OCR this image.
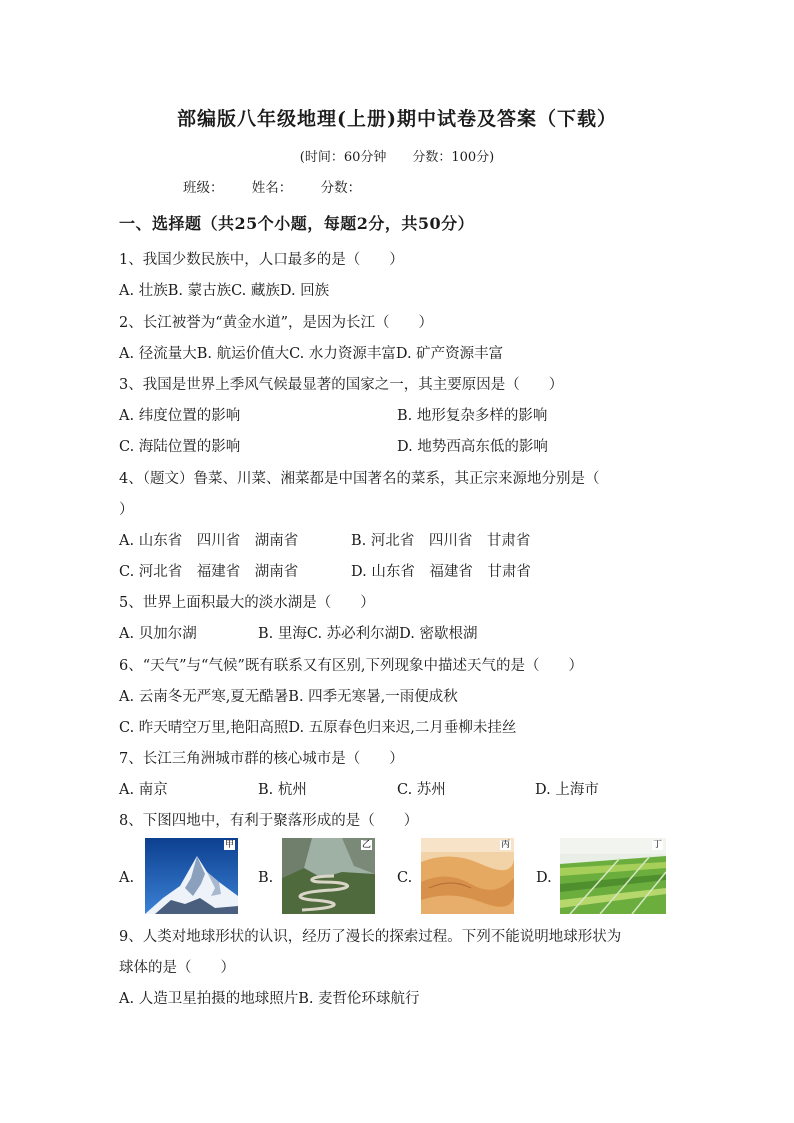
部编版八年级地理(上册)期中试卷及答案（下载）
(时间：60分钟　　分数：100分)
班级： 姓名： 分数：
一、选择题（共25个小题，每题2分，共50分）
1、我国少数民族中，人口最多的是（　　）
A. 壮族B. 蒙古族C. 藏族D. 回族
2、长江被誉为“黄金水道”，是因为长江（　　）
A. 径流量大B. 航运价值大C. 水力资源丰富D. 矿产资源丰富
3、我国是世界上季风气候最显著的国家之一，其主要原因是（　　）
A. 纬度位置的影响	B. 地形复杂多样的影响
C. 海陆位置的影响	D. 地势西高东低的影响
4、（题文）鲁菜、川菜、湘菜都是中国著名的菜系，其正宗来源地分别是（
）
A. 山东省　四川省　湖南省	B. 河北省　四川省　甘肃省
C. 河北省　福建省　湖南省	D. 山东省　福建省　甘肃省
5、世界上面积最大的淡水湖是（　　）
A. 贝加尔湖	B. 里海C. 苏必利尔湖D. 密歇根湖
6、“天气”与“气候”既有联系又有区别,下列现象中描述天气的是（　　）
A. 云南冬无严寒,夏无酷暑B. 四季无寒暑,一雨便成秋
C. 昨天晴空万里,艳阳高照D. 五原春色归来迟,二月垂柳未挂丝
7、长江三角洲城市群的核心城市是（　　）
A. 南京	B. 杭州	C. 苏州	D. 上海市
8、下图四地中，有利于聚落形成的是（　　）
A.
甲
B.
乙
C.
丙
D.
丁
9、人类对地球形状的认识，经历了漫长的探索过程。下列不能说明地球形状为
球体的是（　　）
A. 人造卫星拍摄的地球照片B. 麦哲伦环球航行
